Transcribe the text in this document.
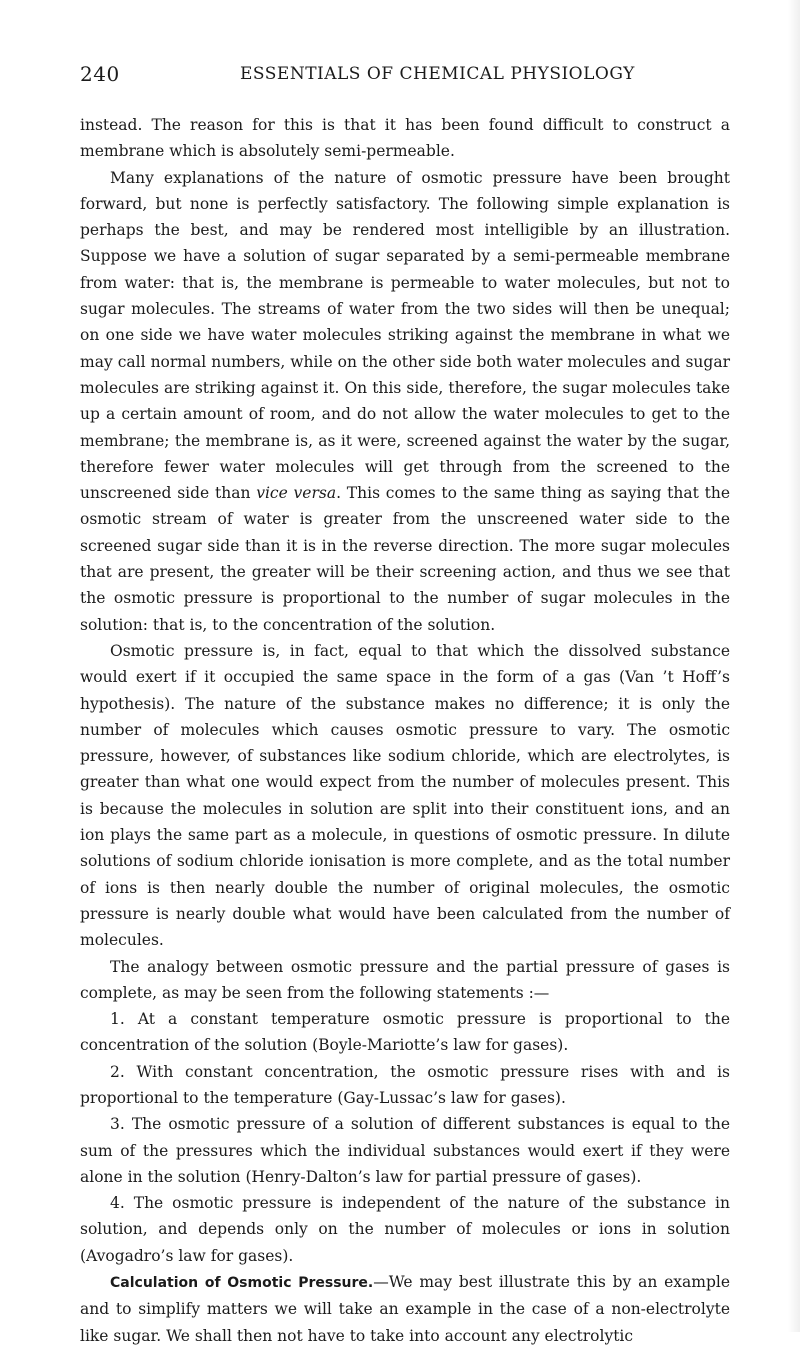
240	ESSENTIALS OF CHEMICAL PHYSIOLOGY

instead. The reason for this is that it has been found difficult to construct a membrane which is absolutely semi-permeable.

Many explanations of the nature of osmotic pressure have been brought forward, but none is perfectly satisfactory. The following simple explanation is perhaps the best, and may be rendered most intelligible by an illustration. Suppose we have a solution of sugar separated by a semi-permeable membrane from water: that is, the membrane is permeable to water molecules, but not to sugar molecules. The streams of water from the two sides will then be unequal; on one side we have water molecules striking against the membrane in what we may call normal numbers, while on the other side both water molecules and sugar molecules are striking against it. On this side, therefore, the sugar molecules take up a certain amount of room, and do not allow the water molecules to get to the membrane; the membrane is, as it were, screened against the water by the sugar, therefore fewer water molecules will get through from the screened to the unscreened side than vice versa. This comes to the same thing as saying that the osmotic stream of water is greater from the unscreened water side to the screened sugar side than it is in the reverse direction. The more sugar molecules that are present, the greater will be their screening action, and thus we see that the osmotic pressure is proportional to the number of sugar molecules in the solution: that is, to the concentration of the solution.

Osmotic pressure is, in fact, equal to that which the dissolved substance would exert if it occupied the same space in the form of a gas (Van ’t Hoff’s hypothesis). The nature of the substance makes no difference; it is only the number of molecules which causes osmotic pressure to vary. The osmotic pressure, however, of substances like sodium chloride, which are electrolytes, is greater than what one would expect from the number of molecules present. This is because the molecules in solution are split into their constituent ions, and an ion plays the same part as a molecule, in questions of osmotic pressure. In dilute solutions of sodium chloride ionisation is more complete, and as the total number of ions is then nearly double the number of original molecules, the osmotic pressure is nearly double what would have been calculated from the number of molecules.

The analogy between osmotic pressure and the partial pressure of gases is complete, as may be seen from the following statements :—

1. At a constant temperature osmotic pressure is proportional to the concentration of the solution (Boyle-Mariotte’s law for gases).

2. With constant concentration, the osmotic pressure rises with and is proportional to the temperature (Gay-Lussac’s law for gases).

3. The osmotic pressure of a solution of different substances is equal to the sum of the pressures which the individual substances would exert if they were alone in the solution (Henry-Dalton’s law for partial pressure of gases).

4. The osmotic pressure is independent of the nature of the substance in solution, and depends only on the number of molecules or ions in solution (Avogadro’s law for gases).

Calculation of Osmotic Pressure.—We may best illustrate this by an example and to simplify matters we will take an example in the case of a non-electrolyte like sugar. We shall then not have to take into account any electrolytic
